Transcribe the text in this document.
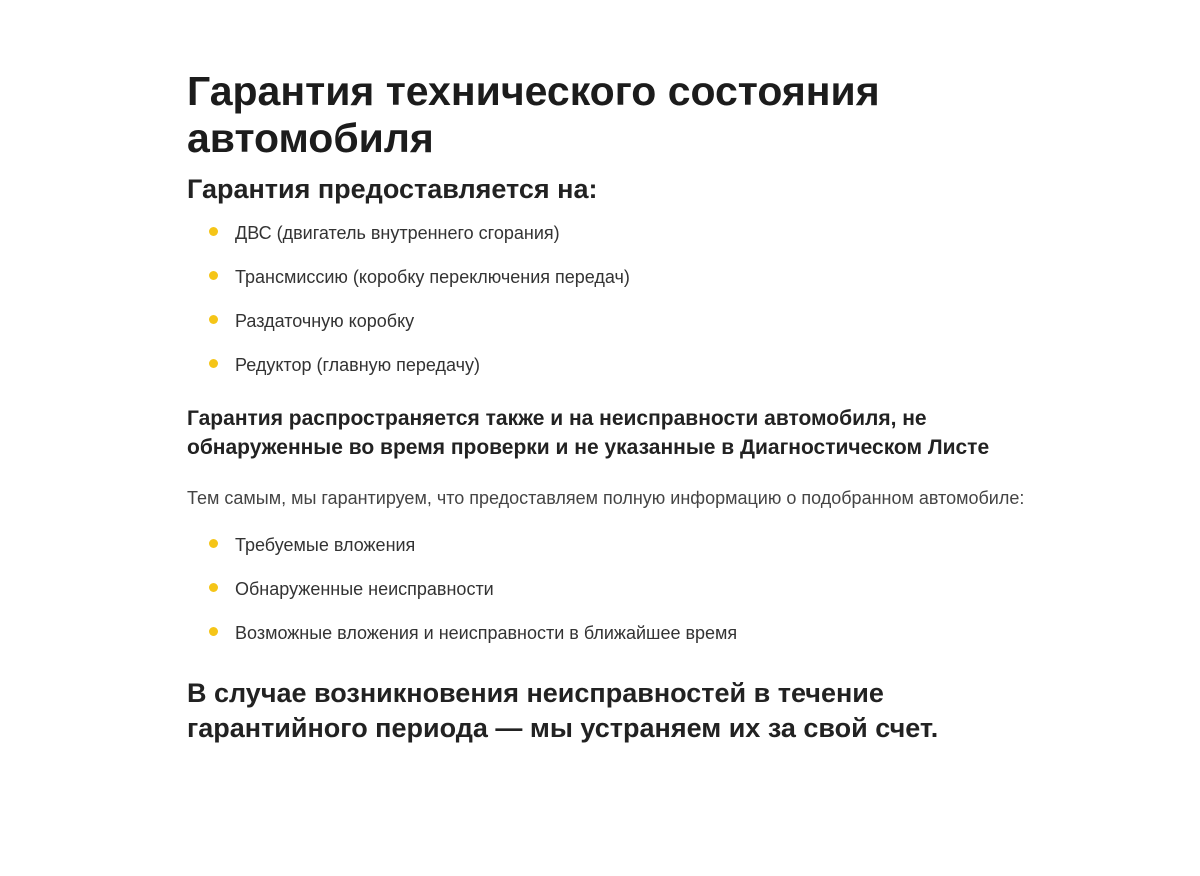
Гарантия технического состояния автомобиля
Гарантия предоставляется на:
ДВС (двигатель внутреннего сгорания)
Трансмиссию (коробку переключения передач)
Раздаточную коробку
Редуктор (главную передачу)
Гарантия распространяется также и на неисправности автомобиля, не обнаруженные во время проверки и не указанные в Диагностическом Листе

Тем самым, мы гарантируем, что предоставляем полную информацию о подобранном автомобиле:

Требуемые вложения
Обнаруженные неисправности
Возможные вложения и неисправности в ближайшее время
В случае возникновения неисправностей в течение гарантийного периода — мы устраняем их за свой счет.
